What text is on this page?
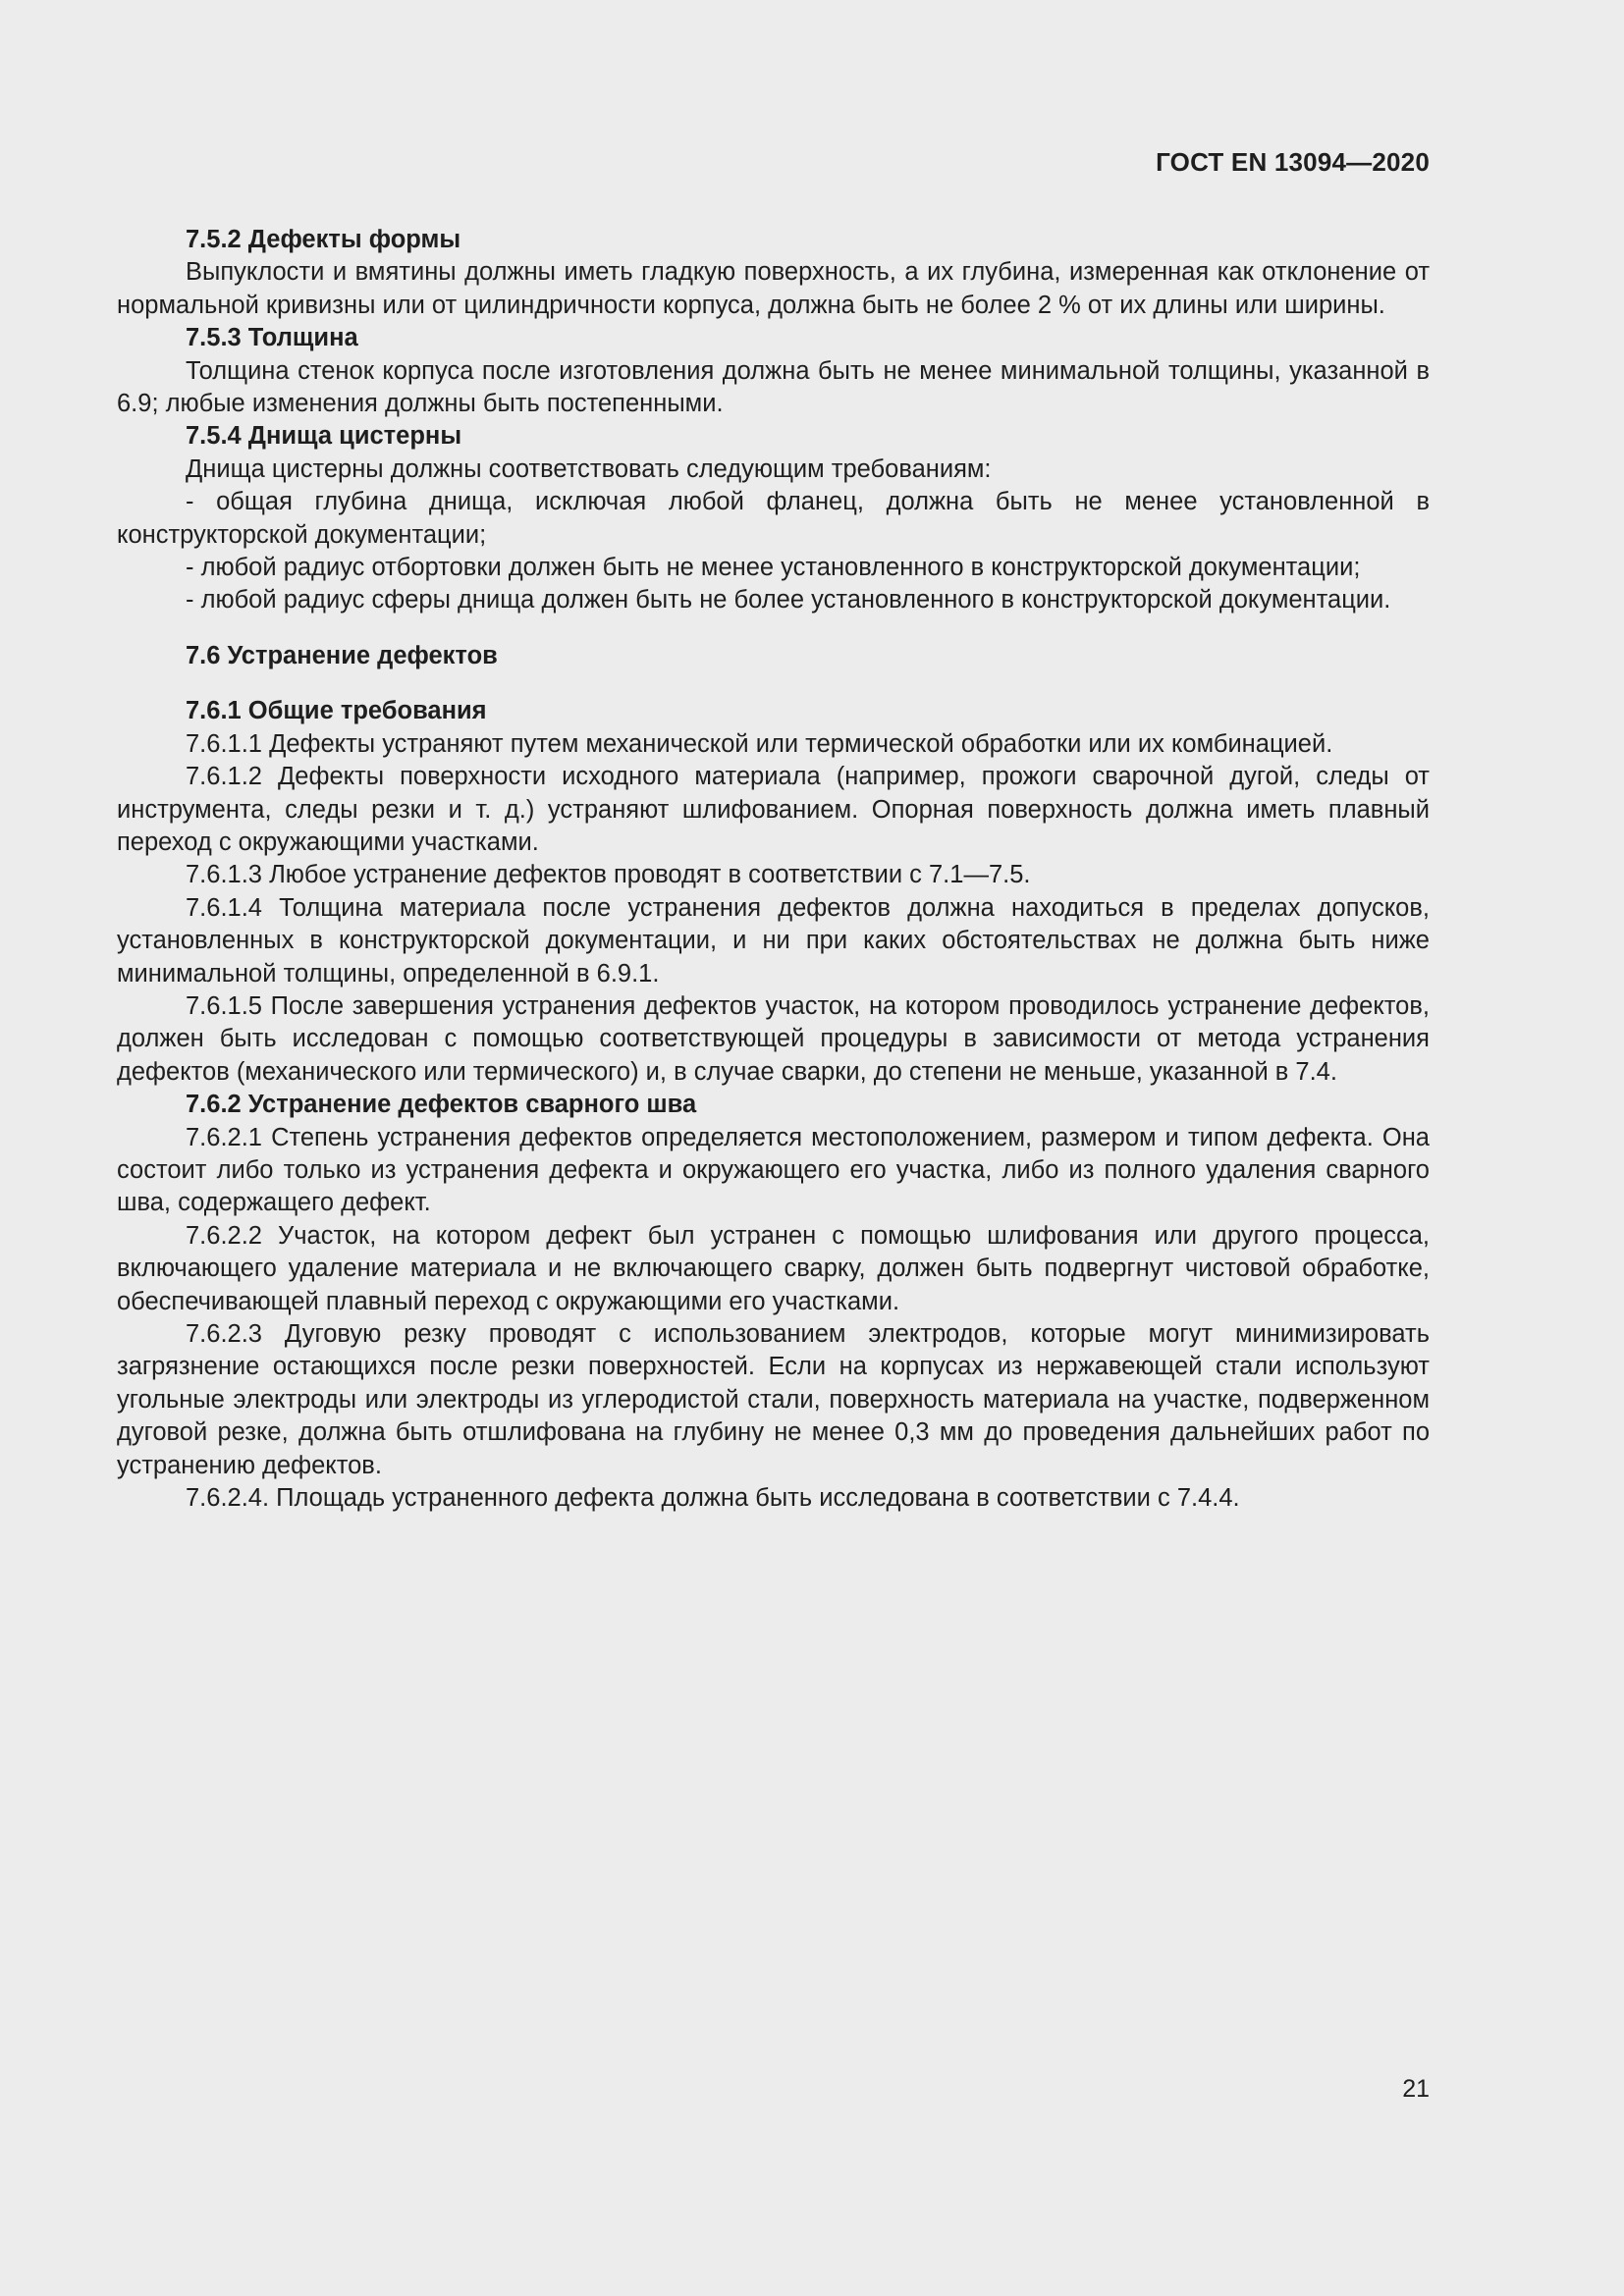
ГОСТ EN 13094—2020
7.5.2 Дефекты формы

Выпуклости и вмятины должны иметь гладкую поверхность, а их глубина, измеренная как отклонение от нормальной кривизны или от цилиндричности корпуса, должна быть не более 2 % от их длины или ширины.

7.5.3 Толщина

Толщина стенок корпуса после изготовления должна быть не менее минимальной толщины, указанной в 6.9; любые изменения должны быть постепенными.

7.5.4 Днища цистерны

Днища цистерны должны соответствовать следующим требованиям:

- общая глубина днища, исключая любой фланец, должна быть не менее установленной в конструкторской документации;

- любой радиус отбортовки должен быть не менее установленного в конструкторской документации;

- любой радиус сферы днища должен быть не более установленного в конструкторской документации.

7.6 Устранение дефектов
7.6.1 Общие требования

7.6.1.1 Дефекты устраняют путем механической или термической обработки или их комбинацией.

7.6.1.2 Дефекты поверхности исходного материала (например, прожоги сварочной дугой, следы от инструмента, следы резки и т. д.) устраняют шлифованием. Опорная поверхность должна иметь плавный переход с окружающими участками.

7.6.1.3 Любое устранение дефектов проводят в соответствии с 7.1—7.5.

7.6.1.4 Толщина материала после устранения дефектов должна находиться в пределах допусков, установленных в конструкторской документации, и ни при каких обстоятельствах не должна быть ниже минимальной толщины, определенной в 6.9.1.

7.6.1.5 После завершения устранения дефектов участок, на котором проводилось устранение дефектов, должен быть исследован с помощью соответствующей процедуры в зависимости от метода устранения дефектов (механического или термического) и, в случае сварки, до степени не меньше, указанной в 7.4.

7.6.2 Устранение дефектов сварного шва

7.6.2.1 Степень устранения дефектов определяется местоположением, размером и типом дефекта. Она состоит либо только из устранения дефекта и окружающего его участка, либо из полного удаления сварного шва, содержащего дефект.

7.6.2.2 Участок, на котором дефект был устранен с помощью шлифования или другого процесса, включающего удаление материала и не включающего сварку, должен быть подвергнут чистовой обработке, обеспечивающей плавный переход с окружающими его участками.

7.6.2.3 Дуговую резку проводят с использованием электродов, которые могут минимизировать загрязнение остающихся после резки поверхностей. Если на корпусах из нержавеющей стали используют угольные электроды или электроды из углеродистой стали, поверхность материала на участке, подверженном дуговой резке, должна быть отшлифована на глубину не менее 0,3 мм до проведения дальнейших работ по устранению дефектов.

7.6.2.4. Площадь устраненного дефекта должна быть исследована в соответствии с 7.4.4.

21
